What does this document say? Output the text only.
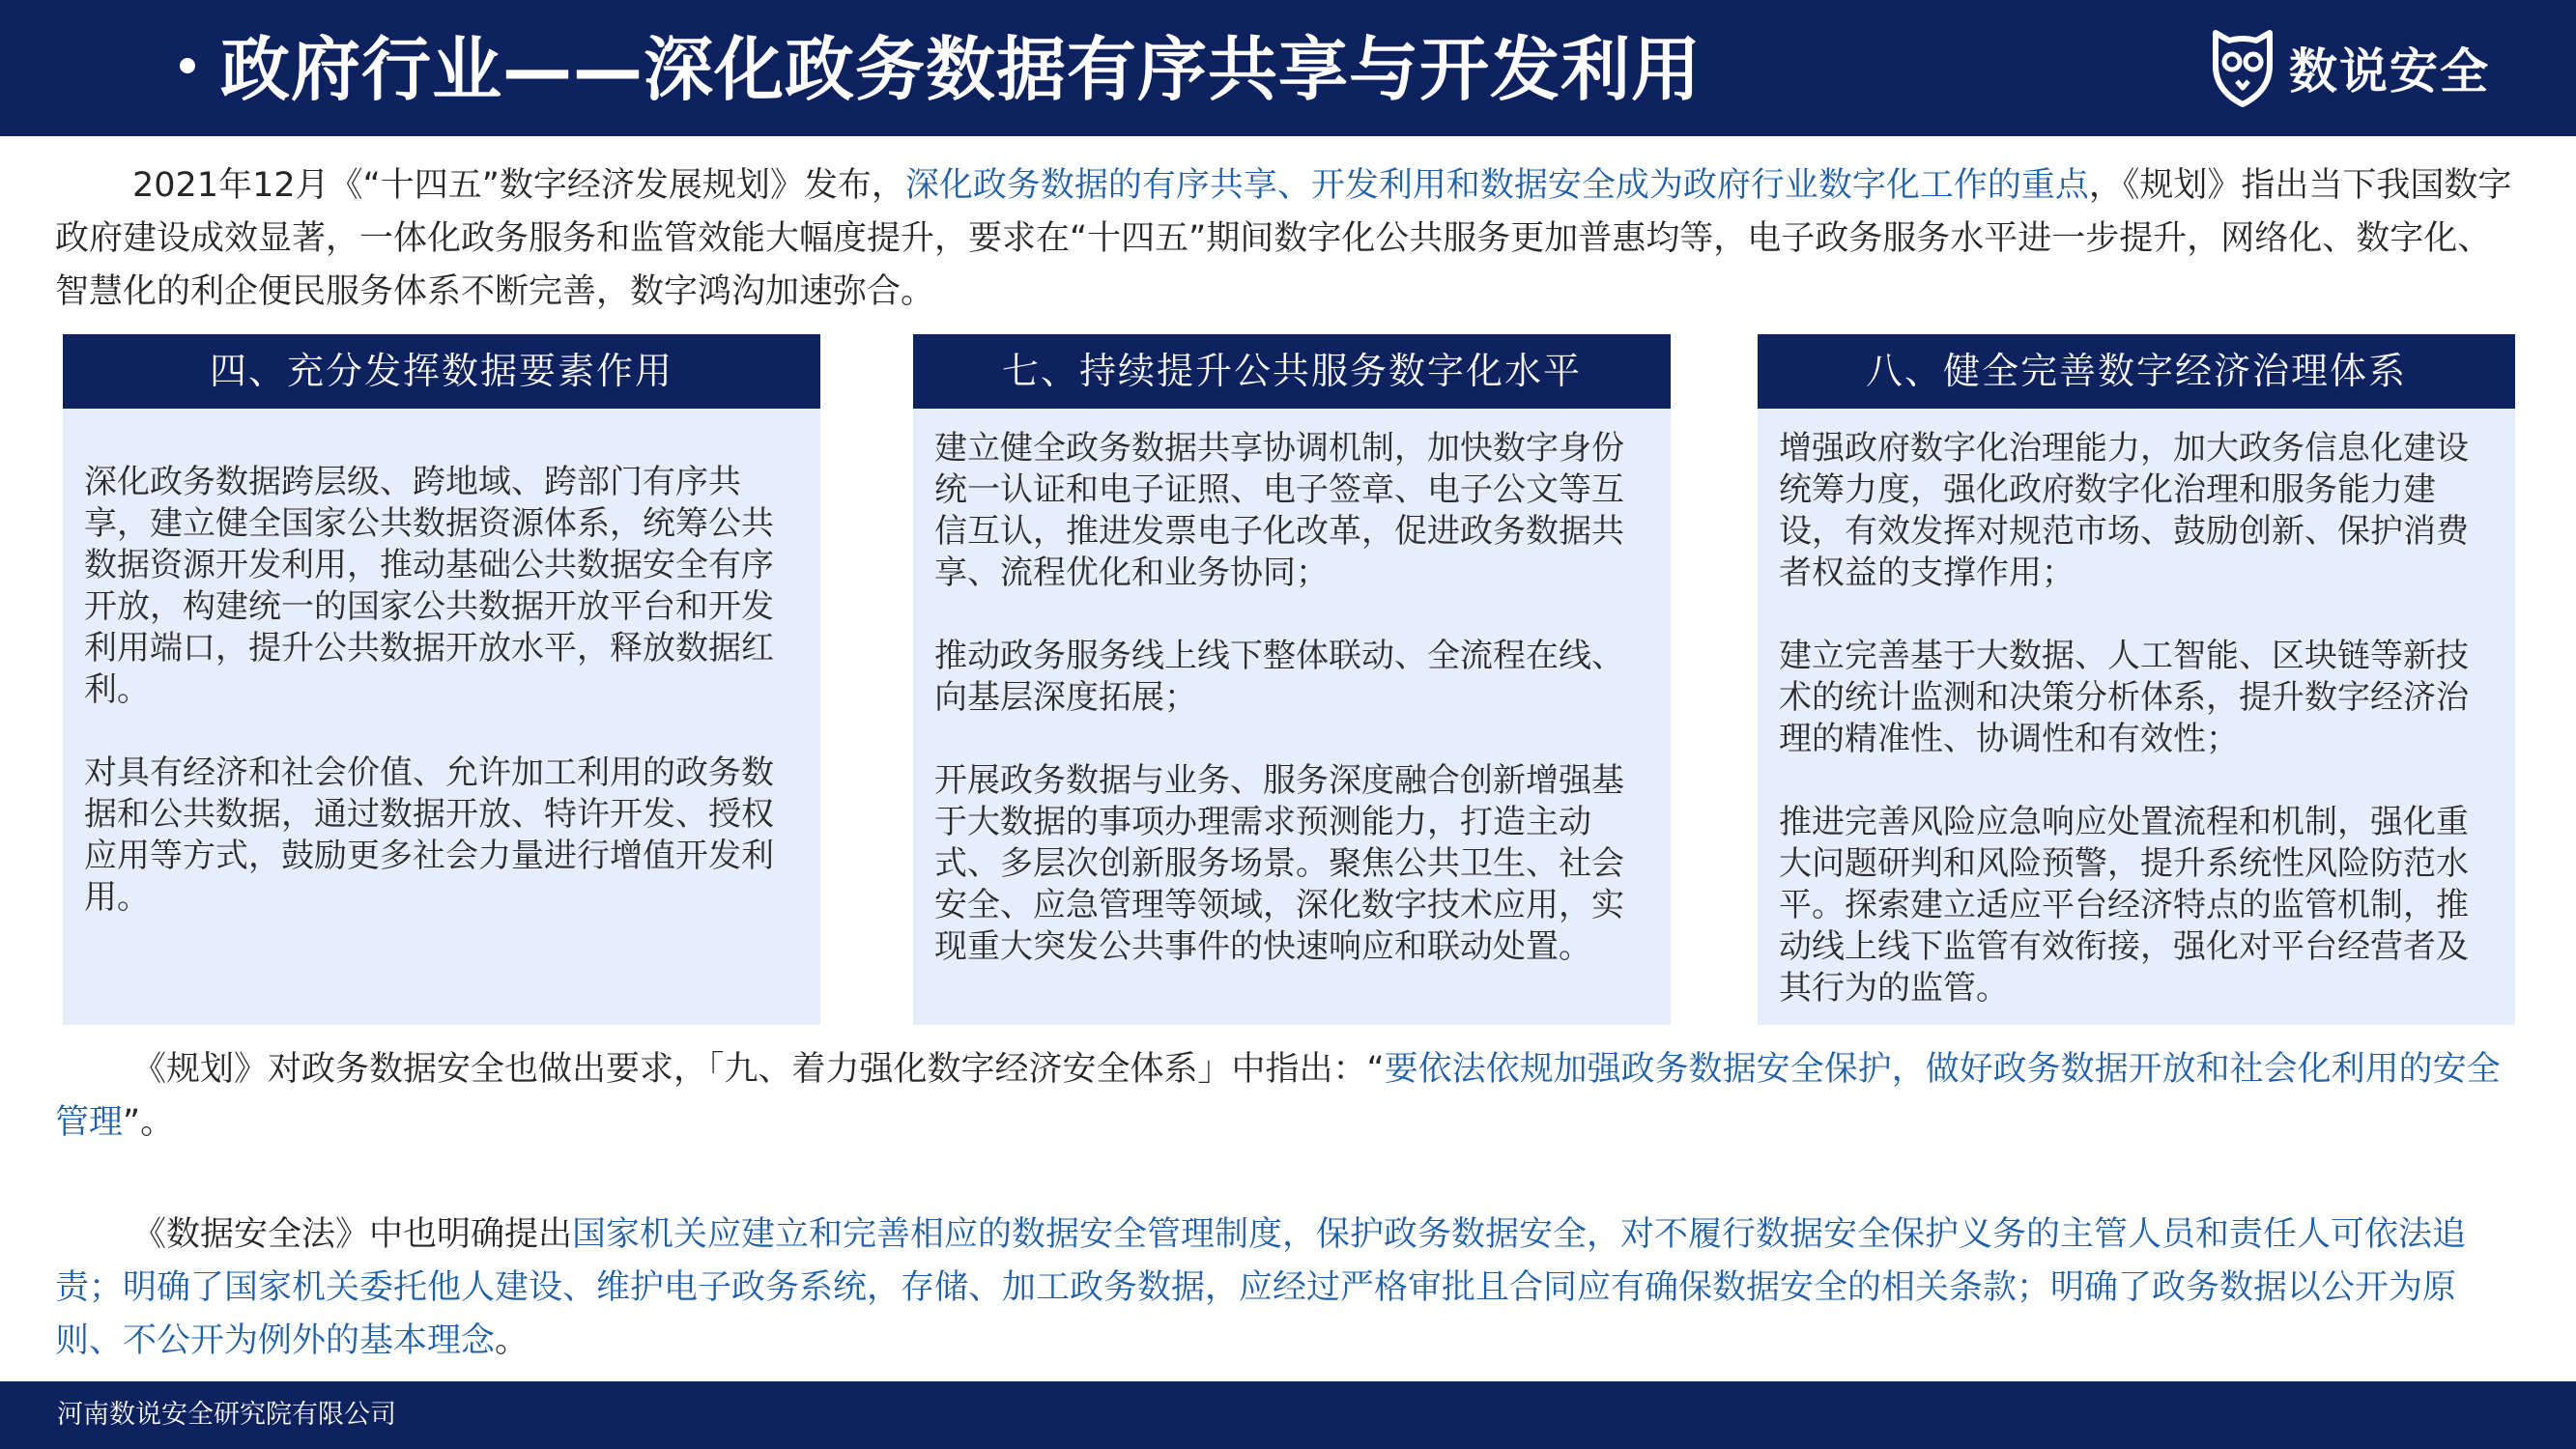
政府行业——深化政务数据有序共享与开发利用	数说安全

2021年12月《“十四五”数字经济发展规划》发布，深化政务数据的有序共享、开发利用和数据安全成为政府行业数字化工作的重点，《规划》指出当下我国数字政府建设成效显著，一体化政务服务和监管效能大幅度提升，要求在“十四五”期间数字化公共服务更加普惠均等，电子政务服务水平进一步提升，网络化、数字化、智慧化的利企便民服务体系不断完善，数字鸿沟加速弥合。

四、充分发挥数据要素作用

深化政务数据跨层级、跨地域、跨部门有序共享，建立健全国家公共数据资源体系，统筹公共数据资源开发利用，推动基础公共数据安全有序开放，构建统一的国家公共数据开放平台和开发利用端口，提升公共数据开放水平，释放数据红利。

对具有经济和社会价值、允许加工利用的政务数据和公共数据，通过数据开放、特许开发、授权应用等方式，鼓励更多社会力量进行增值开发利用。

七、持续提升公共服务数字化水平

建立健全政务数据共享协调机制，加快数字身份统一认证和电子证照、电子签章、电子公文等互信互认，推进发票电子化改革，促进政务数据共享、流程优化和业务协同；

推动政务服务线上线下整体联动、全流程在线、向基层深度拓展；

开展政务数据与业务、服务深度融合创新增强基于大数据的事项办理需求预测能力，打造主动式、多层次创新服务场景。聚焦公共卫生、社会安全、应急管理等领域，深化数字技术应用，实现重大突发公共事件的快速响应和联动处置。

八、健全完善数字经济治理体系

增强政府数字化治理能力，加大政务信息化建设统筹力度，强化政府数字化治理和服务能力建设，有效发挥对规范市场、鼓励创新、保护消费者权益的支撑作用；

建立完善基于大数据、人工智能、区块链等新技术的统计监测和决策分析体系，提升数字经济治理的精准性、协调性和有效性；

推进完善风险应急响应处置流程和机制，强化重大问题研判和风险预警，提升系统性风险防范水平。探索建立适应平台经济特点的监管机制，推动线上线下监管有效衔接，强化对平台经营者及其行为的监管。

《规划》对政务数据安全也做出要求，「九、着力强化数字经济安全体系」中指出：“要依法依规加强政务数据安全保护，做好政务数据开放和社会化利用的安全管理”。

《数据安全法》中也明确提出国家机关应建立和完善相应的数据安全管理制度，保护政务数据安全，对不履行数据安全保护义务的主管人员和责任人可依法追责；明确了国家机关委托他人建设、维护电子政务系统，存储、加工政务数据，应经过严格审批且合同应有确保数据安全的相关条款；明确了政务数据以公开为原则、不公开为例外的基本理念。

河南数说安全研究院有限公司
